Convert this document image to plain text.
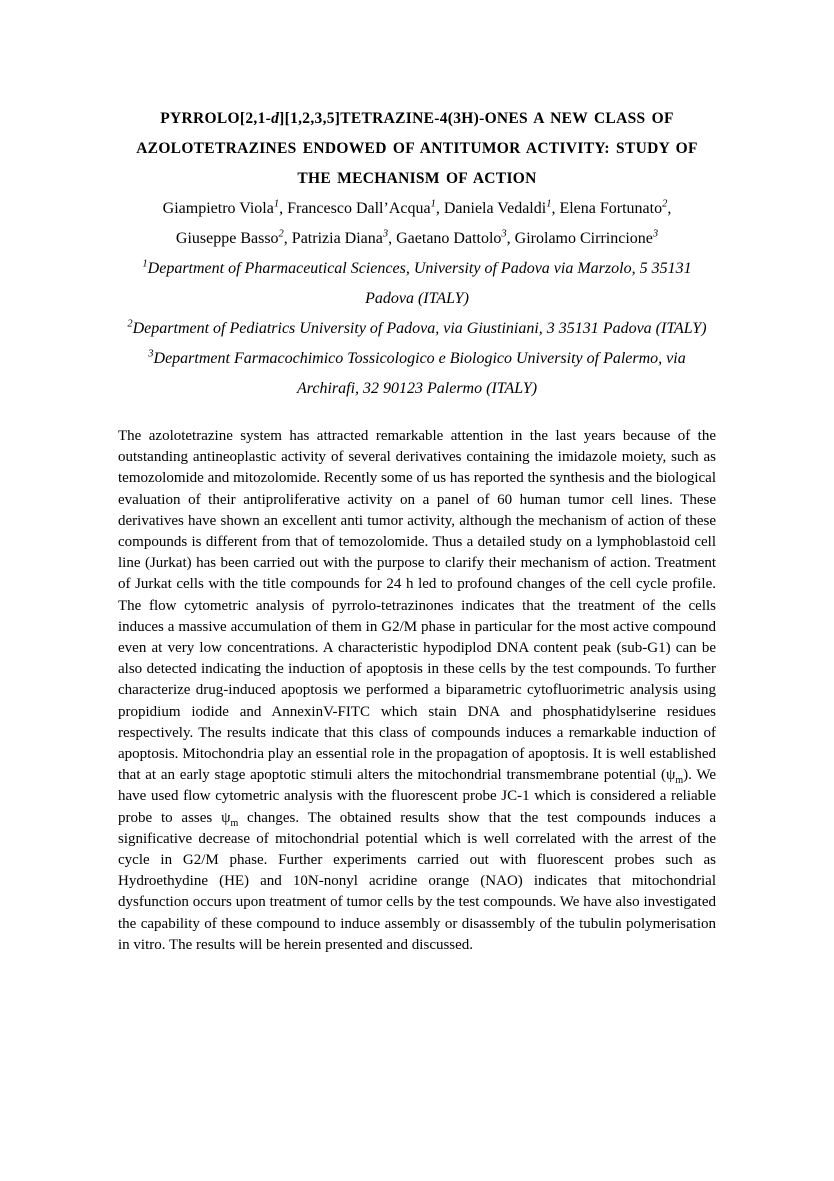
PYRROLO[2,1-d][1,2,3,5]TETRAZINE-4(3H)-ONES A NEW CLASS OF
AZOLOTETRAZINES ENDOWED OF ANTITUMOR ACTIVITY: STUDY OF
THE MECHANISM OF ACTION
Giampietro Viola$^1$, Francesco Dall’Acqua$^1$, Daniela Vedaldi$^1$, Elena Fortunato$^2$,
Giuseppe Basso$^2$, Patrizia Diana$^3$, Gaetano Dattolo$^3$, Girolamo Cirrincione$^3$
$^1$Department of Pharmaceutical Sciences, University of Padova via Marzolo, 5 35131 Padova (ITALY)
$^2$Department of Pediatrics University of Padova, via Giustiniani, 3 35131 Padova (ITALY)
$^3$Department Farmacochimico Tossicologico e Biologico University of Palermo, via Archirafi, 32 90123 Palermo (ITALY)

The azolotetrazine system has attracted remarkable attention in the last years because of the outstanding antineoplastic activity of several derivatives containing the imidazole moiety, such as temozolomide and mitozolomide. Recently some of us has reported the synthesis and the biological evaluation of their antiproliferative activity on a panel of 60 human tumor cell lines. These derivatives have shown an excellent anti tumor activity, although the mechanism of action of these compounds is different from that of temozolomide. Thus a detailed study on a lymphoblastoid cell line (Jurkat) has been carried out with the purpose to clarify their mechanism of action. Treatment of Jurkat cells with the title compounds for 24 h led to profound changes of the cell cycle profile. The flow cytometric analysis of pyrrolo-tetrazinones indicates that the treatment of the cells induces a massive accumulation of them in G2/M phase in particular for the most active compound even at very low concentrations. A characteristic hypodiplod DNA content peak (sub-G1) can be also detected indicating the induction of apoptosis in these cells by the test compounds. To further characterize drug-induced apoptosis we performed a biparametric cytofluorimetric analysis using propidium iodide and AnnexinV-FITC which stain DNA and phosphatidylserine residues respectively. The results indicate that this class of compounds induces a remarkable induction of apoptosis. Mitochondria play an essential role in the propagation of apoptosis. It is well established that at an early stage apoptotic stimuli alters the mitochondrial transmembrane potential $(\psi_m)$. We have used flow cytometric analysis with the fluorescent probe JC-1 which is considered a reliable probe to asses $\psi_m$ changes. The obtained results show that the test compounds induces a significative decrease of mitochondrial potential which is well correlated with the arrest of the cycle in G2/M phase. Further experiments carried out with fluorescent probes such as Hydroethydine (HE) and 10N-nonyl acridine orange (NAO) indicates that mitochondrial dysfunction occurs upon treatment of tumor cells by the test compounds. We have also investigated the capability of these compound to induce assembly or disassembly of the tubulin polymerisation in vitro. The results will be herein presented and discussed.
